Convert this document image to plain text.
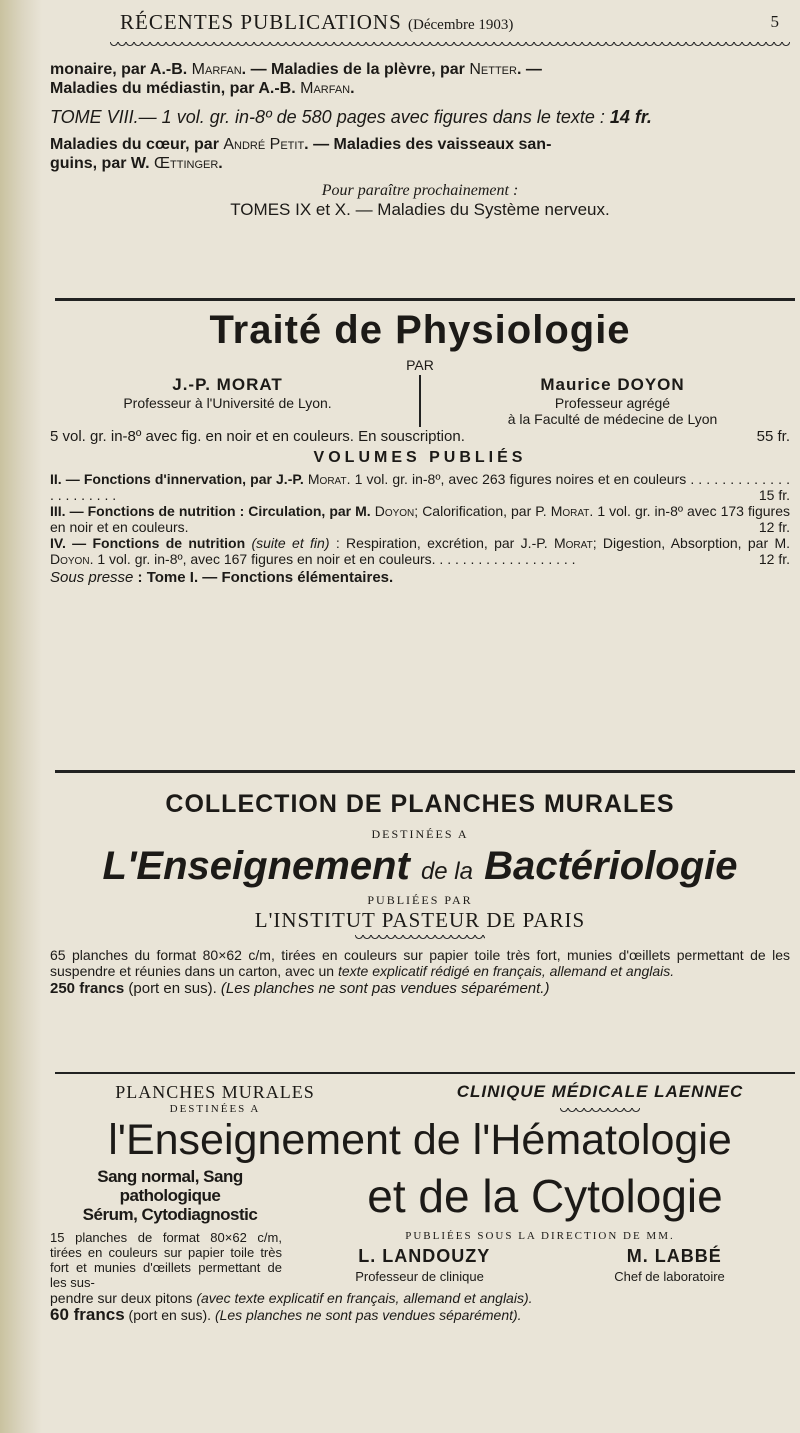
RÉCENTES PUBLICATIONS (Décembre 1903)	5
monaire, par A.-B. Marfan. — Maladies de la plèvre, par Netter. —
Maladies du médiastin, par A.-B. Marfan.
TOME VIII.— 1 vol. gr. in-8º de 580 pages avec figures dans le texte : 14 fr.
Maladies du cœur, par André Petit. — Maladies des vaisseaux san-
guins, par W. Œttinger.
Pour paraître prochainement :
TOMES IX et X. — Maladies du Système nerveux.
Traité de Physiologie
PAR
J.-P. MORAT
Professeur à l'Université de Lyon.
Maurice DOYON
Professeur agrégé
à la Faculté de médecine de Lyon
5 vol. gr. in-8º avec fig. en noir et en couleurs. En souscription.	55 fr.
VOLUMES PUBLIÉS
II. — Fonctions d'innervation, par J.-P. Morat. 1 vol. gr. in-8º, avec 263 figures noires et en couleurs . . . . . . . . . . . . . . . . . . . . . .	15 fr.
III. — Fonctions de nutrition : Circulation, par M. Doyon; Calorification, par P. Morat. 1 vol. gr. in-8º avec 173 figures en noir et en couleurs.	12 fr.
IV. — Fonctions de nutrition (suite et fin) : Respiration, excrétion, par J.-P. Morat; Digestion, Absorption, par M. Doyon. 1 vol. gr. in-8º, avec 167 figures en noir et en couleurs. . . . . . . . . . . . . . . . . . .	12 fr.
Sous presse : Tome I. — Fonctions élémentaires.
COLLECTION DE PLANCHES MURALES
DESTINÉES A
L'Enseignement de la Bactériologie
PUBLIÉES PAR
L'INSTITUT PASTEUR DE PARIS
65 planches du format 80×62 c/m, tirées en couleurs sur papier toile très fort, munies d'œillets permettant de les suspendre et réunies dans un carton, avec un texte explicatif rédigé en français, allemand et anglais.
250 francs (port en sus). (Les planches ne sont pas vendues séparément.)
PLANCHES MURALES
DESTINÉES A
CLINIQUE MÉDICALE LAENNEC
l'Enseignement de l'Hématologie
Sang normal, Sang pathologique
Sérum, Cytodiagnostic	et de la Cytologie
15 planches de format 80×62 c/m, tirées en couleurs sur papier toile très fort et munies d'œillets permettant de les sus-
PUBLIÉES SOUS LA DIRECTION DE MM.
L. LANDOUZY	M. LABBÉ
Professeur de clinique	Chef de laboratoire
pendre sur deux pitons (avec texte explicatif en français, allemand et anglais).
60 francs (port en sus). (Les planches ne sont pas vendues séparément).
